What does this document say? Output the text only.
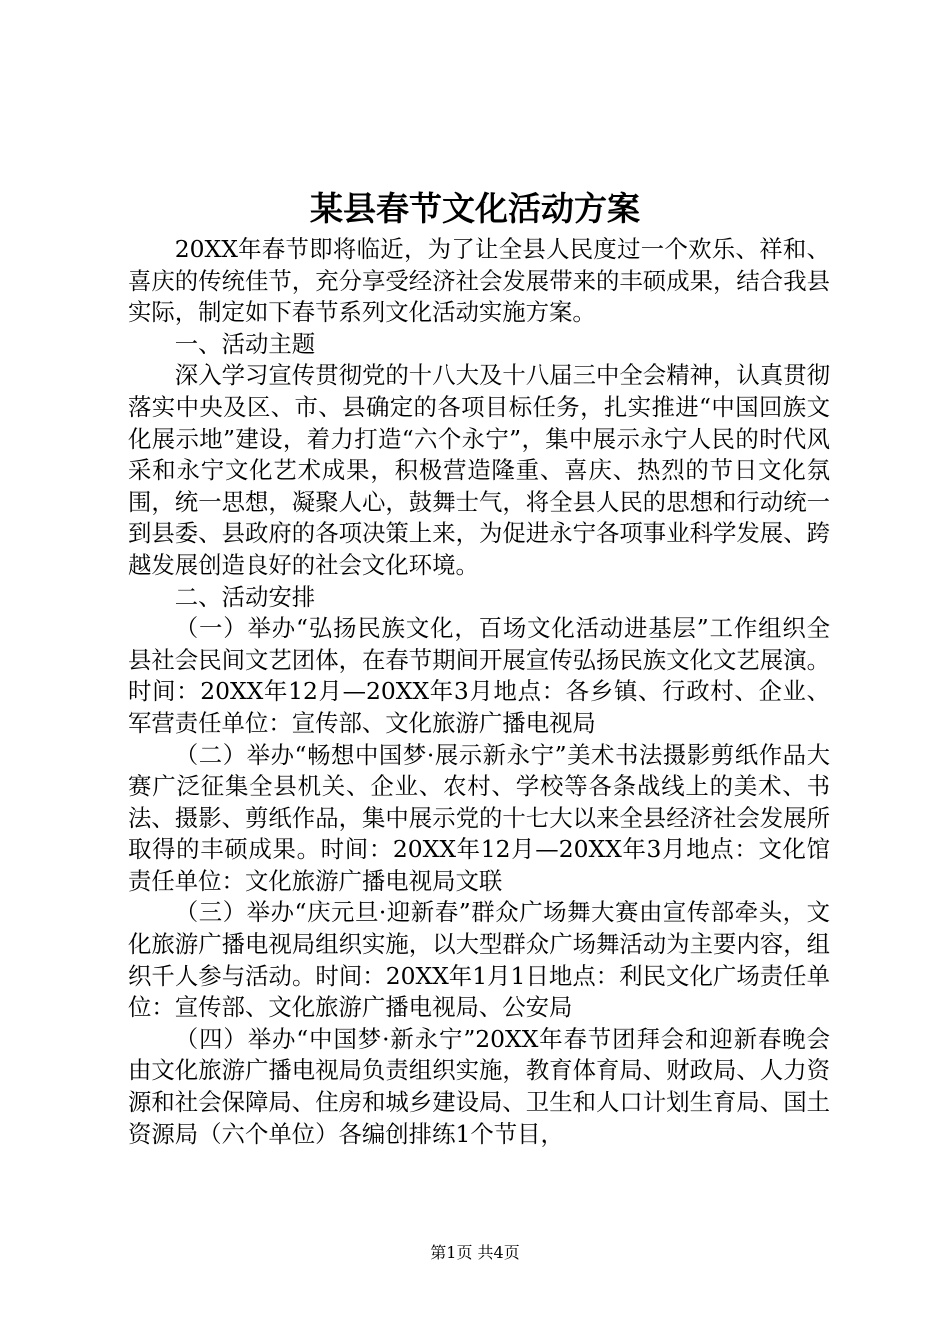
某县春节文化活动方案

20XX年春节即将临近，为了让全县人民度过一个欢乐、祥和、喜庆的传统佳节，充分享受经济社会发展带来的丰硕成果，结合我县实际，制定如下春节系列文化活动实施方案。

一、活动主题

深入学习宣传贯彻党的十八大及十八届三中全会精神，认真贯彻落实中央及区、市、县确定的各项目标任务，扎实推进“中国回族文化展示地”建设，着力打造“六个永宁”，集中展示永宁人民的时代风采和永宁文化艺术成果，积极营造隆重、喜庆、热烈的节日文化氛围，统一思想，凝聚人心，鼓舞士气，将全县人民的思想和行动统一到县委、县政府的各项决策上来，为促进永宁各项事业科学发展、跨越发展创造良好的社会文化环境。

二、活动安排

（一）举办“弘扬民族文化，百场文化活动进基层”工作组织全县社会民间文艺团体，在春节期间开展宣传弘扬民族文化文艺展演。时间：20XX年12月—20XX年3月地点：各乡镇、行政村、企业、军营责任单位：宣传部、文化旅游广播电视局

（二）举办“畅想中国梦·展示新永宁”美术书法摄影剪纸作品大赛广泛征集全县机关、企业、农村、学校等各条战线上的美术、书法、摄影、剪纸作品，集中展示党的十七大以来全县经济社会发展所取得的丰硕成果。时间：20XX年12月—20XX年3月地点：文化馆责任单位：文化旅游广播电视局文联

（三）举办“庆元旦·迎新春”群众广场舞大赛由宣传部牵头，文化旅游广播电视局组织实施，以大型群众广场舞活动为主要内容，组织千人参与活动。时间：20XX年1月1日地点：利民文化广场责任单位：宣传部、文化旅游广播电视局、公安局

（四）举办“中国梦·新永宁”20XX年春节团拜会和迎新春晚会由文化旅游广播电视局负责组织实施，教育体育局、财政局、人力资源和社会保障局、住房和城乡建设局、卫生和人口计划生育局、国土资源局（六个单位）各编创排练1个节目，

第1页 共4页
